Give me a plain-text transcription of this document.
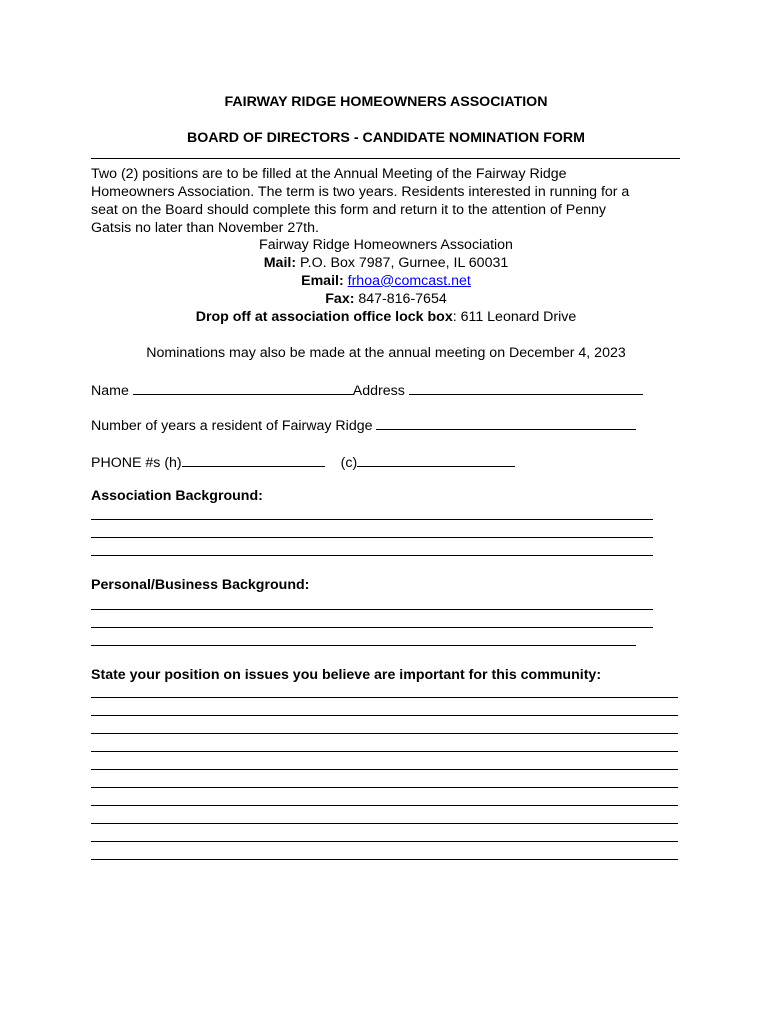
FAIRWAY RIDGE HOMEOWNERS ASSOCIATION
BOARD OF DIRECTORS - CANDIDATE NOMINATION FORM
Two (2) positions are to be filled at the Annual Meeting of the Fairway Ridge
Homeowners Association. The term is two years. Residents interested in running for a
seat on the Board should complete this form and return it to the attention of Penny
Gatsis no later than November 27th.
Fairway Ridge Homeowners Association
Mail: P.O. Box 7987, Gurnee, IL 60031
Email: frhoa@comcast.net
Fax: 847-816-7654
Drop off at association office lock box: 611 Leonard Drive
Nominations may also be made at the annual meeting on December 4, 2023
Name	Address
Number of years a resident of Fairway Ridge
PHONE #s (h)	(c)
Association Background:
Personal/Business Background:
State your position on issues you believe are important for this community:
